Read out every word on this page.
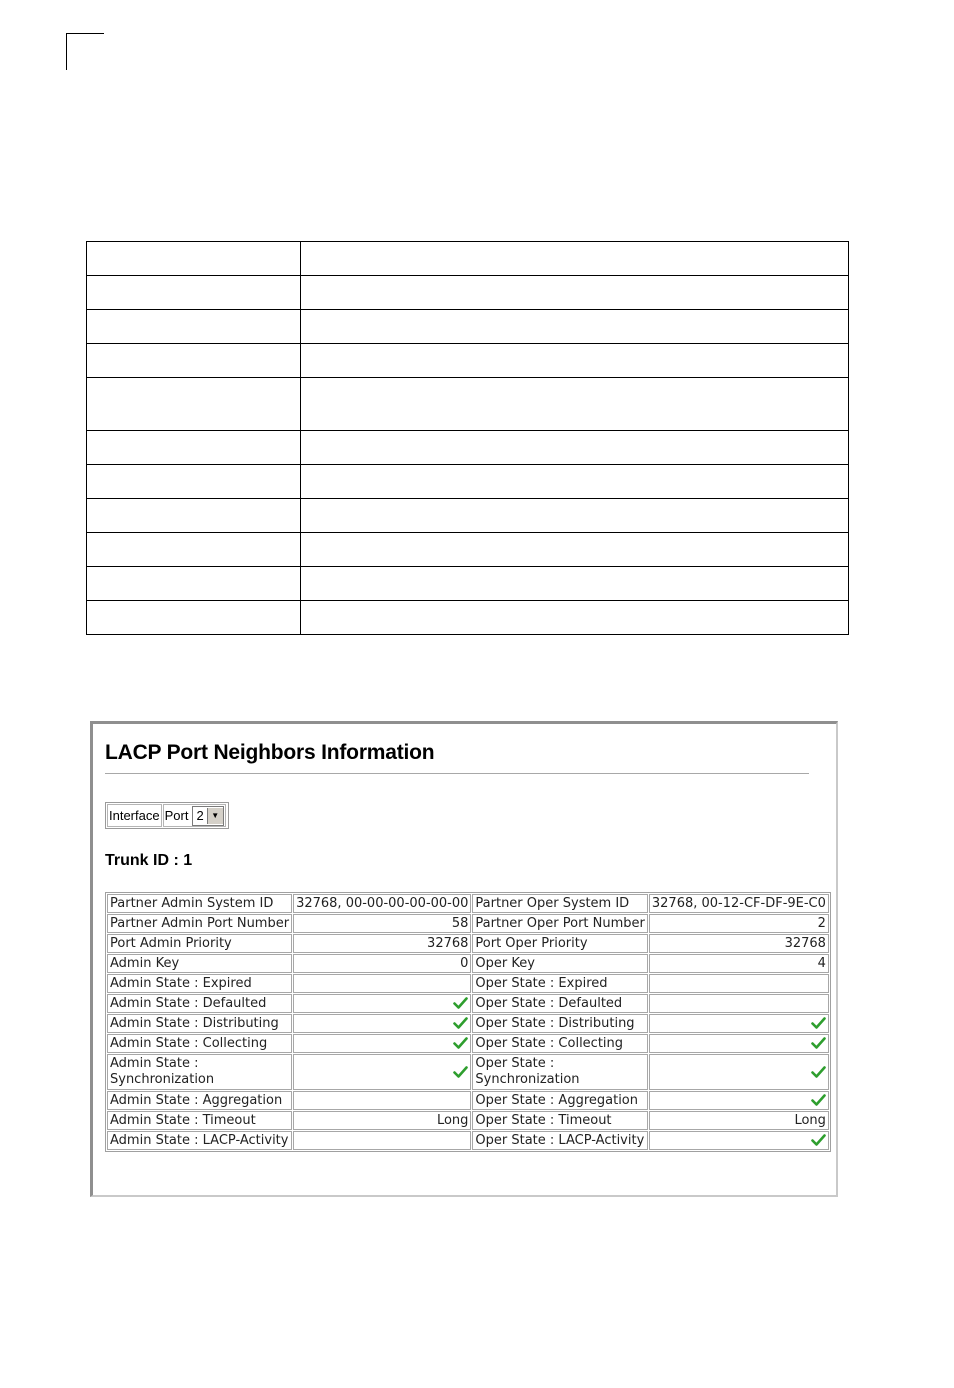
LACP Port Neighbors Information
Interface Port 2 ▼
Trunk ID : 1
Partner Admin System ID	32768, 00-00-00-00-00-00	Partner Oper System ID	32768, 00-12-CF-DF-9E-C0
Partner Admin Port Number	58	Partner Oper Port Number	2
Port Admin Priority	32768	Port Oper Priority	32768
Admin Key	0	Oper Key	4
Admin State : Expired		Oper State : Expired	
Admin State : Defaulted		Oper State : Defaulted	
Admin State : Distributing		Oper State : Distributing	
Admin State : Collecting		Oper State : Collecting	
Admin State : Synchronization		Oper State : Synchronization	
Admin State : Aggregation		Oper State : Aggregation	
Admin State : Timeout	Long	Oper State : Timeout	Long
Admin State : LACP-Activity		Oper State : LACP-Activity	
